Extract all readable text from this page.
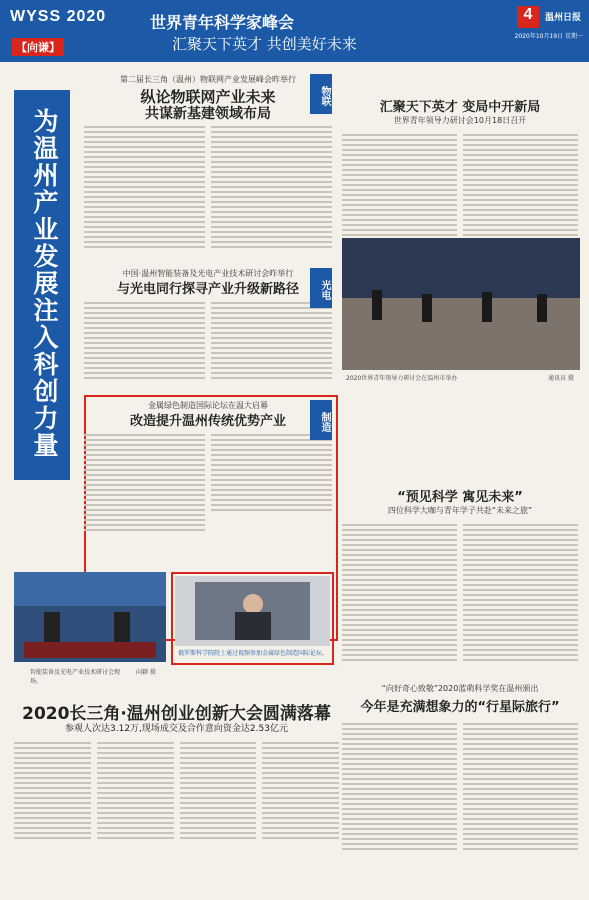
WYSS 2020
【向谦】
世界青年科学家峰会
汇聚天下英才 共创美好未来
4	温州日报
2020年10月19日 星期一
为温州产业发展注入科创力量
物联
第二届长三角（温州）物联网产业发展峰会昨举行
纵论物联网产业未来
共谋新基建领域布局
光电
中国·温州智能装备及光电产业技术研讨会昨举行
与光电同行探寻产业升级新路径
制造
金属绿色制造国际论坛在温大启幕
改造提升温州传统优势产业
智能装备及光电产业技术研讨会现场。
向颖 摄
俄罗斯科学院院士通过视频参加金属绿色制造国际论坛。
汇聚天下英才 变局中开新局
世界青年领导力研讨会10月18日召开
2020世界青年领导力研讨会在温州市举办	通讯员 摄
“预见科学 寓见未来”
四位科学大咖与青年学子共赴“未来之旅”
“向好奇心致敬”2020蓝萌科学奖在温州颁出
今年是充满想象力的“行星际旅行”
2020长三角·温州创业创新大会圆满落幕
参观人次达3.12万,现场成交及合作意向资金达2.53亿元
